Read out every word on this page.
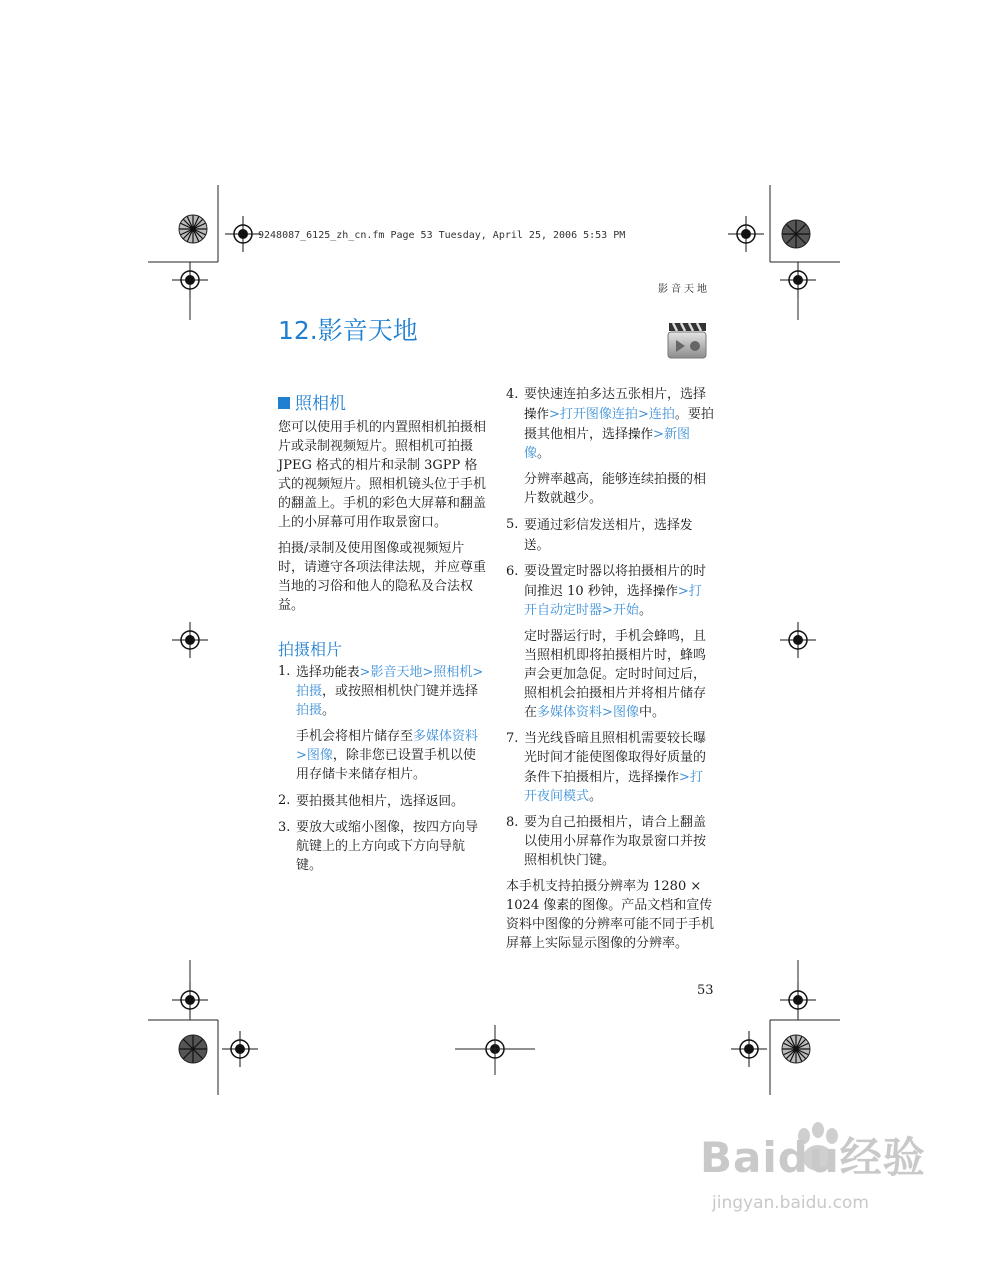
9248087_6125_zh_cn.fm Page 53 Tuesday, April 25, 2006 5:53 PM
影音天地
12.影音天地
照相机

您可以使用手机的内置照相机拍摄相片或录制视频短片。照相机可拍摄 JPEG 格式的相片和录制 3GPP 格式的视频短片。照相机镜头位于手机的翻盖上。手机的彩色大屏幕和翻盖上的小屏幕可用作取景窗口。

拍摄/录制及使用图像或视频短片时，请遵守各项法律法规，并应尊重当地的习俗和他人的隐私及合法权益。

拍摄相片
1. 选择功能表>影音天地>照相机>拍摄，或按照相机快门键并选择拍摄。

手机会将相片储存至多媒体资料>图像，除非您已设置手机以使用存储卡来储存相片。

2. 要拍摄其他相片，选择返回。

3. 要放大或缩小图像，按四方向导航键上的上方向或下方向导航键。

4. 要快速连拍多达五张相片，选择操作>打开图像连拍>连拍。要拍摄其他相片，选择操作>新图像。

分辨率越高，能够连续拍摄的相片数就越少。

5. 要通过彩信发送相片，选择发送。

6. 要设置定时器以将拍摄相片的时间推迟 10 秒钟，选择操作>打开自动定时器>开始。

定时器运行时，手机会蜂鸣，且当照相机即将拍摄相片时，蜂鸣声会更加急促。定时时间过后，照相机会拍摄相片并将相片储存在多媒体资料>图像中。

7. 当光线昏暗且照相机需要较长曝光时间才能使图像取得好质量的条件下拍摄相片，选择操作>打开夜间模式。

8. 要为自己拍摄相片，请合上翻盖以使用小屏幕作为取景窗口并按照相机快门键。

本手机支持拍摄分辨率为 1280 × 1024 像素的图像。产品文档和宣传资料中图像的分辨率可能不同于手机屏幕上实际显示图像的分辨率。

53
Baidu经验
jingyan.baidu.com
